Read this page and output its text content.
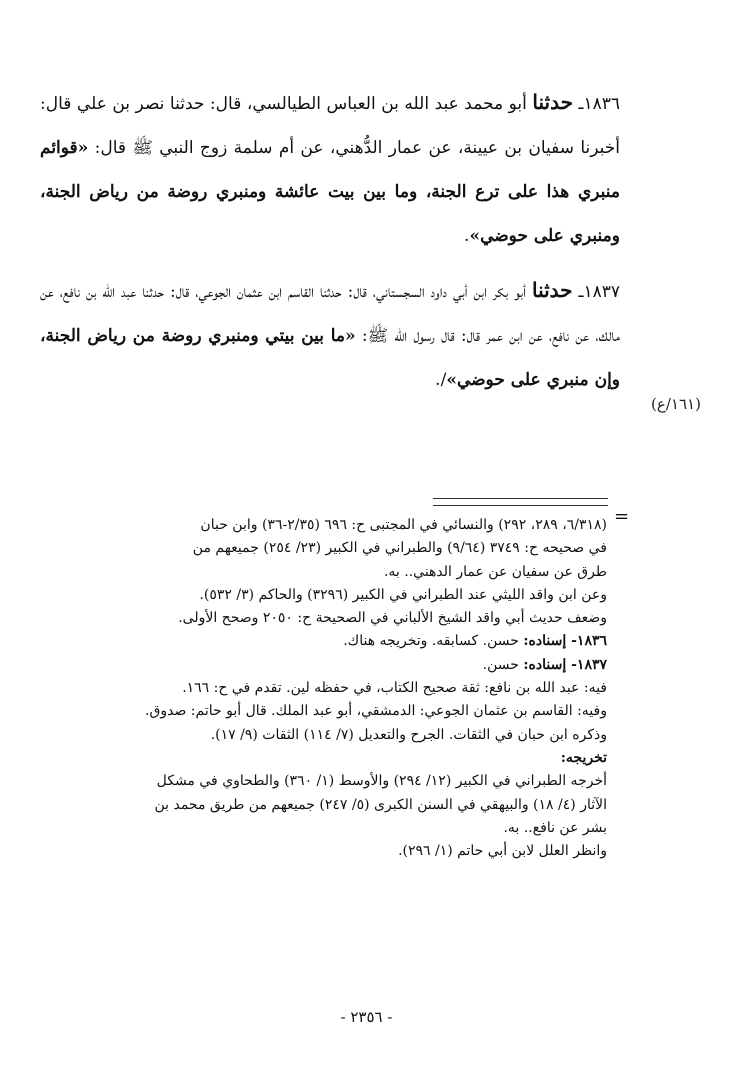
١٨٣٦ـ حدثنا أبو محمد عبد الله بن العباس الطيالسي، قال: حدثنا نصر بن علي قال: أخبرنا سفيان بن عيينة، عن عمار الدُّهني، عن أم سلمة زوج النبي ﷺ قال: «قوائم منبري هذا على ترع الجنة، وما بين بيت عائشة ومنبري روضة من رياض الجنة، ومنبري على حوضي».

١٨٣٧ـ حدثنا أبو بكر ابن أبي داود السجستاني، قال: حدثنا القاسم ابن عثمان الجوعي، قال: حدثنا عبد الله بن نافع، عن مالك، عن نافع، عن ابن عمر قال: قال رسول الله ﷺ: «ما بين بيتي ومنبري روضة من رياض الجنة، وإن منبري على حوضي»/.

(١٦١/ع)
=
(٦/٣١٨، ٢٨٩، ٢٩٢) والنسائي في المجتبى ح: ٦٩٦ (٢/٣٥-٣٦) وابن حبان
في صحيحه ح: ٣٧٤٩ (٩/٦٤) والطبراني في الكبير (٢٣/ ٢٥٤) جميعهم من
طرق عن سفيان عن عمار الدهني.. به.
وعن ابن واقد الليثي عند الطبراني في الكبير (٣٢٩٦) والحاكم (٣/ ٥٣٢).
وضعف حديث أبي واقد الشيخ الألباني في الصحيحة ح: ٢٠٥٠ وصحح الأولى.
١٨٣٦- إسناده: حسن. كسابقه. وتخريجه هناك.
١٨٣٧- إسناده: حسن.
فيه: عبد الله بن نافع: ثقة صحيح الكتاب، في حفظه لين. تقدم في ح: ١٦٦.
وفيه: القاسم بن عثمان الجوعي: الدمشقي، أبو عبد الملك. قال أبو حاتم: صدوق.
وذكره ابن حبان في الثقات. الجرح والتعديل (٧/ ١١٤) الثقات (٩/ ١٧).
تخريجه:
أخرجه الطبراني في الكبير (١٢/ ٢٩٤) والأوسط (١/ ٣٦٠) والطحاوي في مشكل
الآثار (٤/ ١٨) والبيهقي في السنن الكبرى (٥/ ٢٤٧) جميعهم من طريق محمد بن
بشر عن نافع.. به.
وانظر العلل لابن أبي حاتم (١/ ٢٩٦).
- ٢٣٥٦ -
